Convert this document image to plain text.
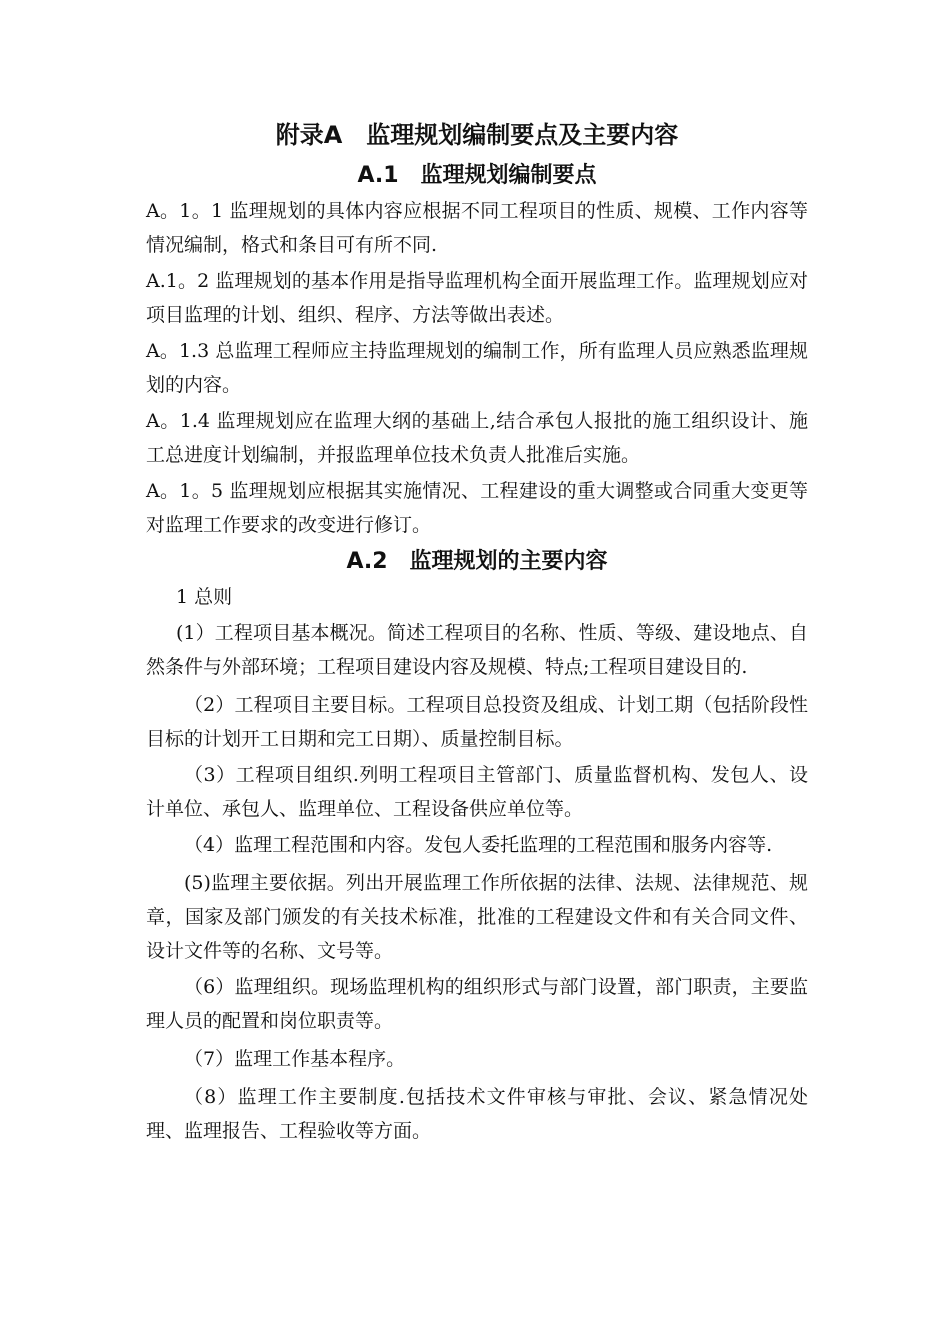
附录A　监理规划编制要点及主要内容
A.1　监理规划编制要点

A。1。1 监理规划的具体内容应根据不同工程项目的性质、规模、工作内容等情况编制，格式和条目可有所不同.

A.1。2 监理规划的基本作用是指导监理机构全面开展监理工作。监理规划应对项目监理的计划、组织、程序、方法等做出表述。

A。1.3 总监理工程师应主持监理规划的编制工作，所有监理人员应熟悉监理规划的内容。

A。1.4 监理规划应在监理大纲的基础上,结合承包人报批的施工组织设计、施工总进度计划编制，并报监理单位技术负责人批准后实施。

A。1。5 监理规划应根据其实施情况、工程建设的重大调整或合同重大变更等对监理工作要求的改变进行修订。

A.2　监理规划的主要内容

1 总则

(1）工程项目基本概况。简述工程项目的名称、性质、等级、建设地点、自然条件与外部环境；工程项目建设内容及规模、特点;工程项目建设目的.

（2）工程项目主要目标。工程项目总投资及组成、计划工期（包括阶段性目标的计划开工日期和完工日期）、质量控制目标。

（3）工程项目组织.列明工程项目主管部门、质量监督机构、发包人、设计单位、承包人、监理单位、工程设备供应单位等。

（4）监理工程范围和内容。发包人委托监理的工程范围和服务内容等.

(5)监理主要依据。列出开展监理工作所依据的法律、法规、法律规范、规章，国家及部门颁发的有关技术标准，批准的工程建设文件和有关合同文件、设计文件等的名称、文号等。

（6）监理组织。现场监理机构的组织形式与部门设置，部门职责，主要监理人员的配置和岗位职责等。

（7）监理工作基本程序。

（8）监理工作主要制度.包括技术文件审核与审批、会议、紧急情况处理、监理报告、工程验收等方面。
